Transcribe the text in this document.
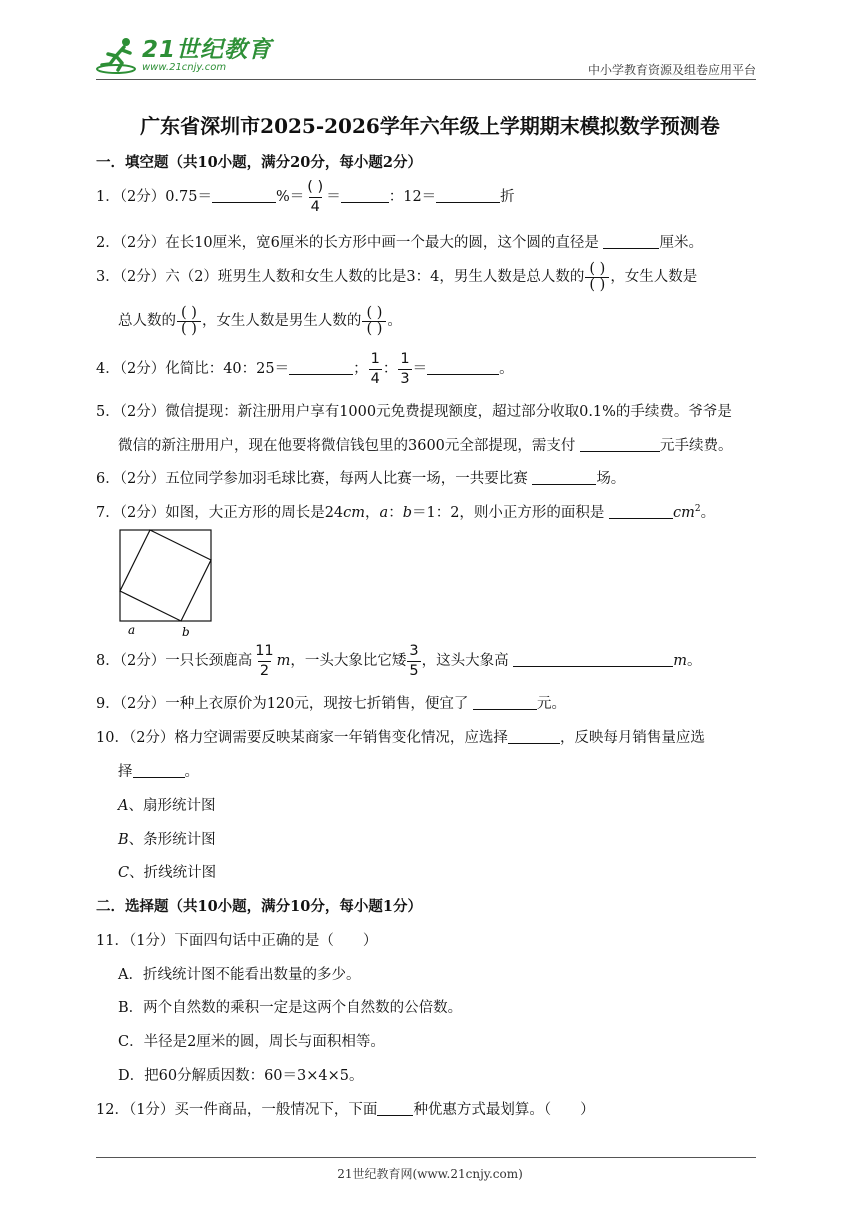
21世纪教育
www.21cnjy.com	中小学教育资源及组卷应用平台
广东省深圳市2025-2026学年六年级上学期期末模拟数学预测卷
一．填空题（共10小题，满分20分，每小题2分）
1．（2分）0.75＝	%＝ $\frac{( )}{4}$ ＝	：12＝	折
2．（2分）在长10厘米，宽6厘米的长方形中画一个最大的圆，这个圆的直径是	厘米。
3．（2分）六（2）班男生人数和女生人数的比是3：4，男生人数是总人数的 $\frac{( )}{( )}$ ，女生人数是
总人数的 $\frac{( )}{( )}$ ，女生人数是男生人数的 $\frac{( )}{( )}$ 。
4．（2分）化简比：40：25＝	； $\frac{1}{4}$ ： $\frac{1}{3}$ ＝	。
5．（2分）微信提现：新注册用户享有1000元免费提现额度，超过部分收取0.1%的手续费。爷爷是
微信的新注册用户，现在他要将微信钱包里的3600元全部提现，需支付	元手续费。
6．（2分）五位同学参加羽毛球比赛，每两人比赛一场，一共要比赛	场。
7．（2分）如图，大正方形的周长是24cm，a：b＝1：2，则小正方形的面积是	$cm^2$。
a	b
8．（2分）一只长颈鹿高 $\frac{11}{2}$ m，一头大象比它矮 $\frac{3}{5}$ ，这头大象高	m。
9．（2分）一种上衣原价为120元，现按七折销售，便宜了	元。
10．（2分）格力空调需要反映某商家一年销售变化情况，应选择	，反映每月销售量应选
择	。
A、扇形统计图
B、条形统计图
C、折线统计图
二．选择题（共10小题，满分10分，每小题1分）
11．（1分）下面四句话中正确的是（　　）
A．折线统计图不能看出数量的多少。
B．两个自然数的乘积一定是这两个自然数的公倍数。
C．半径是2厘米的圆，周长与面积相等。
D．把60分解质因数：60＝3×4×5。
12．（1分）买一件商品，一般情况下，下面 种优惠方式最划算。（　　）
21世纪教育网(www.21cnjy.com)
